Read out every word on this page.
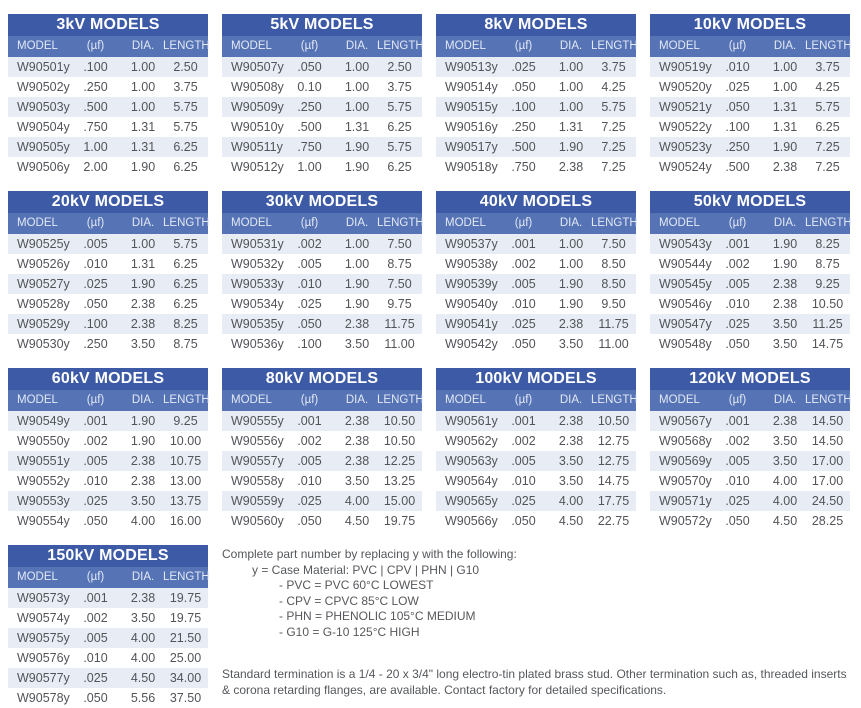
Complete part number by replacing y with the following:
y = Case Material: PVC | CPV | PHN | G10
- PVC = PVC 60°C LOWEST
- CPV = CPVC 85°C LOW
- PHN = PHENOLIC 105°C MEDIUM
- G10 = G-10 125°C HIGH
Standard termination is a 1/4 - 20 x 3/4" long electro-tin plated brass stud. Other termination such as, threaded inserts & corona retarding flanges, are available. Contact factory for detailed specifications.
3kV MODELS
MODEL	(µf)	DIA. LENGTH
W90501y	.100	1.00	2.50
W90502y	.250	1.00	3.75
W90503y	.500	1.00	5.75
W90504y	.750	1.31	5.75
W90505y	1.00	1.31	6.25
W90506y	2.00	1.90	6.25
5kV MODELS
MODEL	(µf)	DIA. LENGTH
W90507y	.050	1.00	2.50
W90508y	0.10	1.00	3.75
W90509y	.250	1.00	5.75
W90510y	.500	1.31	6.25
W90511y	.750	1.90	5.75
W90512y	1.00	1.90	6.25
8kV MODELS
MODEL	(µf)	DIA. LENGTH
W90513y	.025	1.00	3.75
W90514y	.050	1.00	4.25
W90515y	.100	1.00	5.75
W90516y	.250	1.31	7.25
W90517y	.500	1.90	7.25
W90518y	.750	2.38	7.25
10kV MODELS
MODEL	(µf)	DIA. LENGTH
W90519y	.010	1.00	3.75
W90520y	.025	1.00	4.25
W90521y	.050	1.31	5.75
W90522y	.100	1.31	6.25
W90523y	.250	1.90	7.25
W90524y	.500	2.38	7.25
20kV MODELS
MODEL	(µf)	DIA. LENGTH
W90525y	.005	1.00	5.75
W90526y	.010	1.31	6.25
W90527y	.025	1.90	6.25
W90528y	.050	2.38	6.25
W90529y	.100	2.38	8.25
W90530y	.250	3.50	8.75
30kV MODELS
MODEL	(µf)	DIA. LENGTH
W90531y	.002	1.00	7.50
W90532y	.005	1.00	8.75
W90533y	.010	1.90	7.50
W90534y	.025	1.90	9.75
W90535y	.050	2.38	11.75
W90536y	.100	3.50	11.00
40kV MODELS
MODEL	(µf)	DIA. LENGTH
W90537y	.001	1.00	7.50
W90538y	.002	1.00	8.50
W90539y	.005	1.90	8.50
W90540y	.010	1.90	9.50
W90541y	.025	2.38	11.75
W90542y	.050	3.50	11.00
50kV MODELS
MODEL	(µf)	DIA. LENGTH
W90543y	.001	1.90	8.25
W90544y	.002	1.90	8.75
W90545y	.005	2.38	9.25
W90546y	.010	2.38	10.50
W90547y	.025	3.50	11.25
W90548y	.050	3.50	14.75
60kV MODELS
MODEL	(µf)	DIA. LENGTH
W90549y	.001	1.90	9.25
W90550y	.002	1.90	10.00
W90551y	.005	2.38	10.75
W90552y	.010	2.38	13.00
W90553y	.025	3.50	13.75
W90554y	.050	4.00	16.00
80kV MODELS
MODEL	(µf)	DIA. LENGTH
W90555y	.001	2.38	10.50
W90556y	.002	2.38	10.50
W90557y	.005	2.38	12.25
W90558y	.010	3.50	13.25
W90559y	.025	4.00	15.00
W90560y	.050	4.50	19.75
100kV MODELS
MODEL	(µf)	DIA. LENGTH
W90561y	.001	2.38	10.50
W90562y	.002	2.38	12.75
W90563y	.005	3.50	12.75
W90564y	.010	3.50	14.75
W90565y	.025	4.00	17.75
W90566y	.050	4.50	22.75
120kV MODELS
MODEL	(µf)	DIA. LENGTH
W90567y	.001	2.38	14.50
W90568y	.002	3.50	14.50
W90569y	.005	3.50	17.00
W90570y	.010	4.00	17.00
W90571y	.025	4.00	24.50
W90572y	.050	4.50	28.25
150kV MODELS
MODEL	(µf)	DIA. LENGTH
W90573y	.001	2.38	19.75
W90574y	.002	3.50	19.75
W90575y	.005	4.00	21.50
W90576y	.010	4.00	25.00
W90577y	.025	4.50	34.00
W90578y	.050	5.56	37.50
